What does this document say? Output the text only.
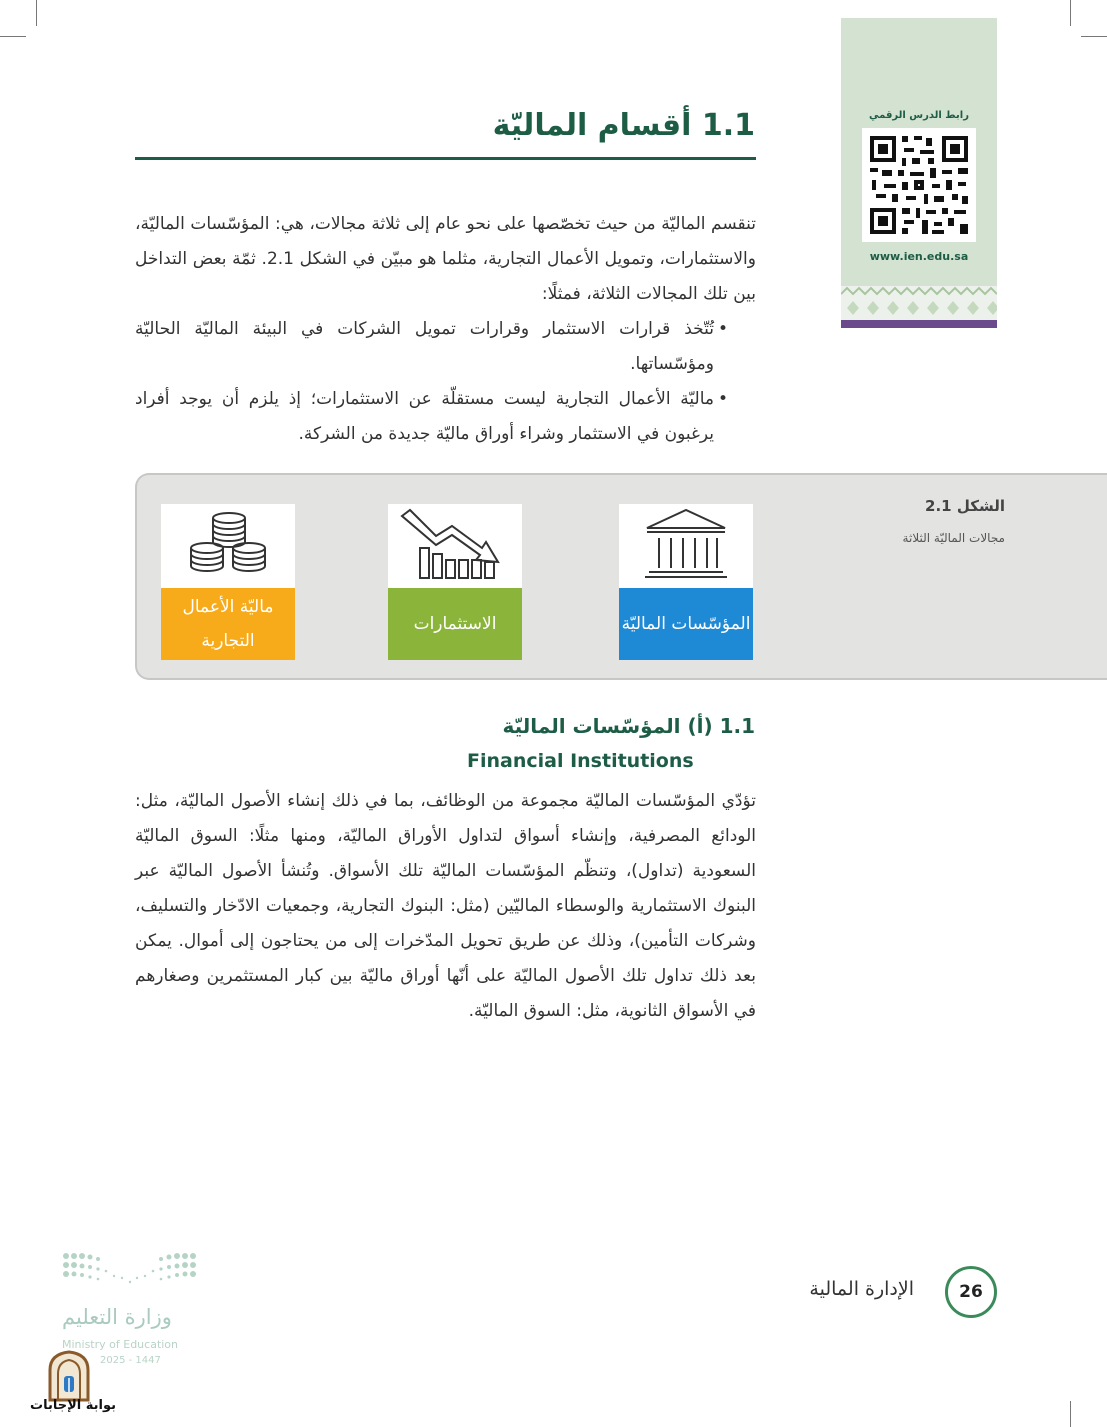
رابط الدرس الرقمي
www.ien.edu.sa
1.1 أقسام الماليّة
تنقسم الماليّة من حيث تخصّصها على نحو عام إلى ثلاثة مجالات، هي: المؤسّسات الماليّة، والاستثمارات، وتمويل الأعمال التجارية، مثلما هو مبيّن في الشكل 2.1. ثمّة بعض التداخل بين تلك المجالات الثلاثة، فمثلًا:
• تُتّخذ قرارات الاستثمار وقرارات تمويل الشركات في البيئة الماليّة الحاليّة ومؤسّساتها.
• ماليّة الأعمال التجارية ليست مستقلّة عن الاستثمارات؛ إذ يلزم أن يوجد أفراد يرغبون في الاستثمار وشراء أوراق ماليّة جديدة من الشركة.
ماليّة الأعمال التجارية
الاستثمارات	المؤسّسات الماليّة
الشكل 2.1
مجالات الماليّة الثلاثة
1.1 (أ) المؤسّسات الماليّة
Financial Institutions
تؤدّي المؤسّسات الماليّة مجموعة من الوظائف، بما في ذلك إنشاء الأصول الماليّة، مثل: الودائع المصرفية، وإنشاء أسواق لتداول الأوراق الماليّة، ومنها مثلًا: السوق الماليّة السعودية (تداول)، وتنظّم المؤسّسات الماليّة تلك الأسواق. وتُنشأ الأصول الماليّة عبر البنوك الاستثمارية والوسطاء الماليّين (مثل: البنوك التجارية، وجمعيات الادّخار والتسليف، وشركات التأمين)، وذلك عن طريق تحويل المدّخرات إلى من يحتاجون إلى أموال. يمكن بعد ذلك تداول تلك الأصول الماليّة على أنّها أوراق ماليّة بين كبار المستثمرين وصغارهم في الأسواق الثانوية، مثل: السوق الماليّة.
26
الإدارة المالية
وزارة التعليم
Ministry of Education
2025 - 1447
بوابة الإجابات
